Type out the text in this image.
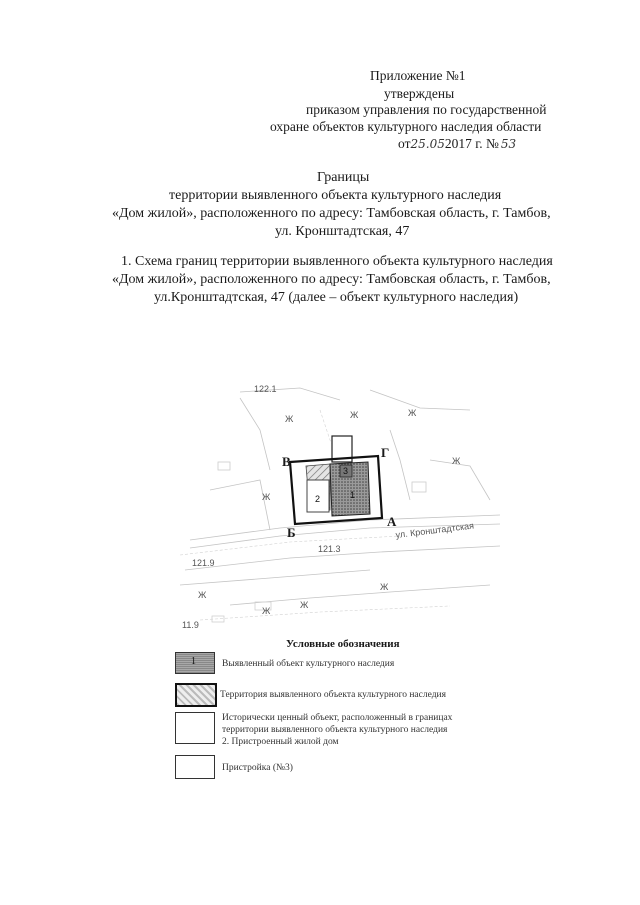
Приложение №1
утверждены
приказом управления по государственной
охране объектов культурного наследия области
от25.052017 г. № 53
Границы
территории выявленного объекта культурного наследия
«Дом жилой», расположенного по адресу: Тамбовская область, г. Тамбов,
ул. Кронштадтская, 47
1. Схема границ территории выявленного объекта культурного наследия
«Дом жилой», расположенного по адресу: Тамбовская область, г. Тамбов,
ул.Кронштадтская, 47 (далее – объект культурного наследия)
3
1
2
122.1
121.3
121.9
11.9
ул. Кронштадтская
Ж	Ж	Ж
Ж
Ж
Ж
Ж
Ж
Ж
В
Г
А
Б
Условные обозначения
1	Выявленный объект культурного наследия
Территория выявленного объекта культурного наследия
Исторически ценный объект, расположенный в границах
территории выявленного объекта культурного наследия
2. Пристроенный жилой дом
Пристройка (№3)
